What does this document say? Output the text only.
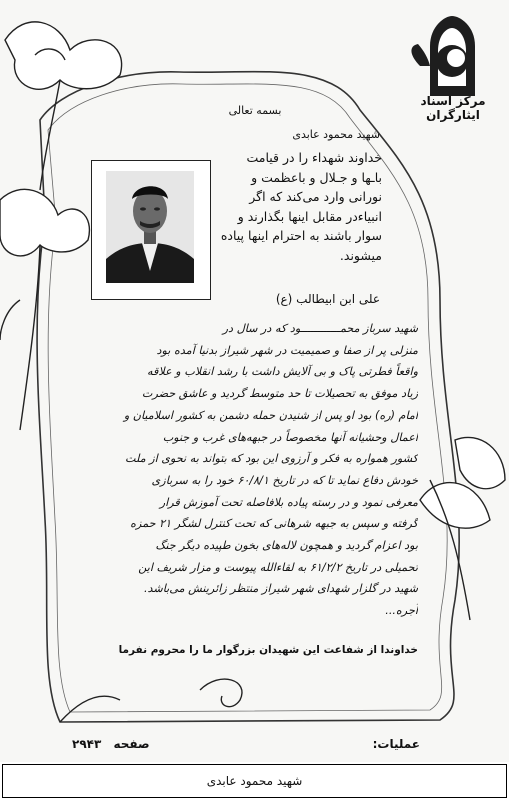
مرکز اسناد ایثارگران
بسمه تعالی
شهید محمود عابدی
خداوند شهداء را در قیامت
باـها و جـلال و باعظمت و
نورانی وارد می‌کند که اگر
انبیاءدر مقابل اینها بگذارند و
سوار باشند به احترام اینها پیاده
میشوند.
علی ابن ابیطالب (ع)
شهید سرباز محمــــــــــــود که در سال در
منزلی پر از صفا و صمیمیت در شهر شیراز بدنیا آمده بود
واقعاً فطرتی پاک و بی آلایش داشت با رشد انقلاب و علاقه
زیاد موفق به تحصیلات تا حد متوسط گردید و عاشق حضرت
امام (ره) بود او پس از شنیدن حمله دشمن به کشور اسلامیان و
اعمال وحشیانه آنها مخصوصاً در جبهه‌های غرب و جنوب
کشور همواره به فکر و آرزوی این بود که بتواند به نحوی از ملت
خودش دفاع نماید تا که در تاریخ ۶۰/۸/۱ خود را به سربازی
معرفی نمود و در رسته پیاده بلافاصله تحت آموزش قرار
گرفته و سپس به جبهه شرهانی که تحت کنترل لشگر ۲۱ حمزه
بود اعزام گردید و همچون لاله‌های بخون طپیده دیگر جنگ
تحمیلی در تاریخ ۶۱/۲/۲ به لقاءالله پیوست و مزار شریف این
شهید در گلزار شهدای شهر شیراز منتظر زائرینش می‌باشد.
آجره...
خداوندا از شفاعت این شهیدان بزرگوار ما را محروم نفرما
عملیات:
صفحه ۲۹۴۳
شهید محمود عابدی
